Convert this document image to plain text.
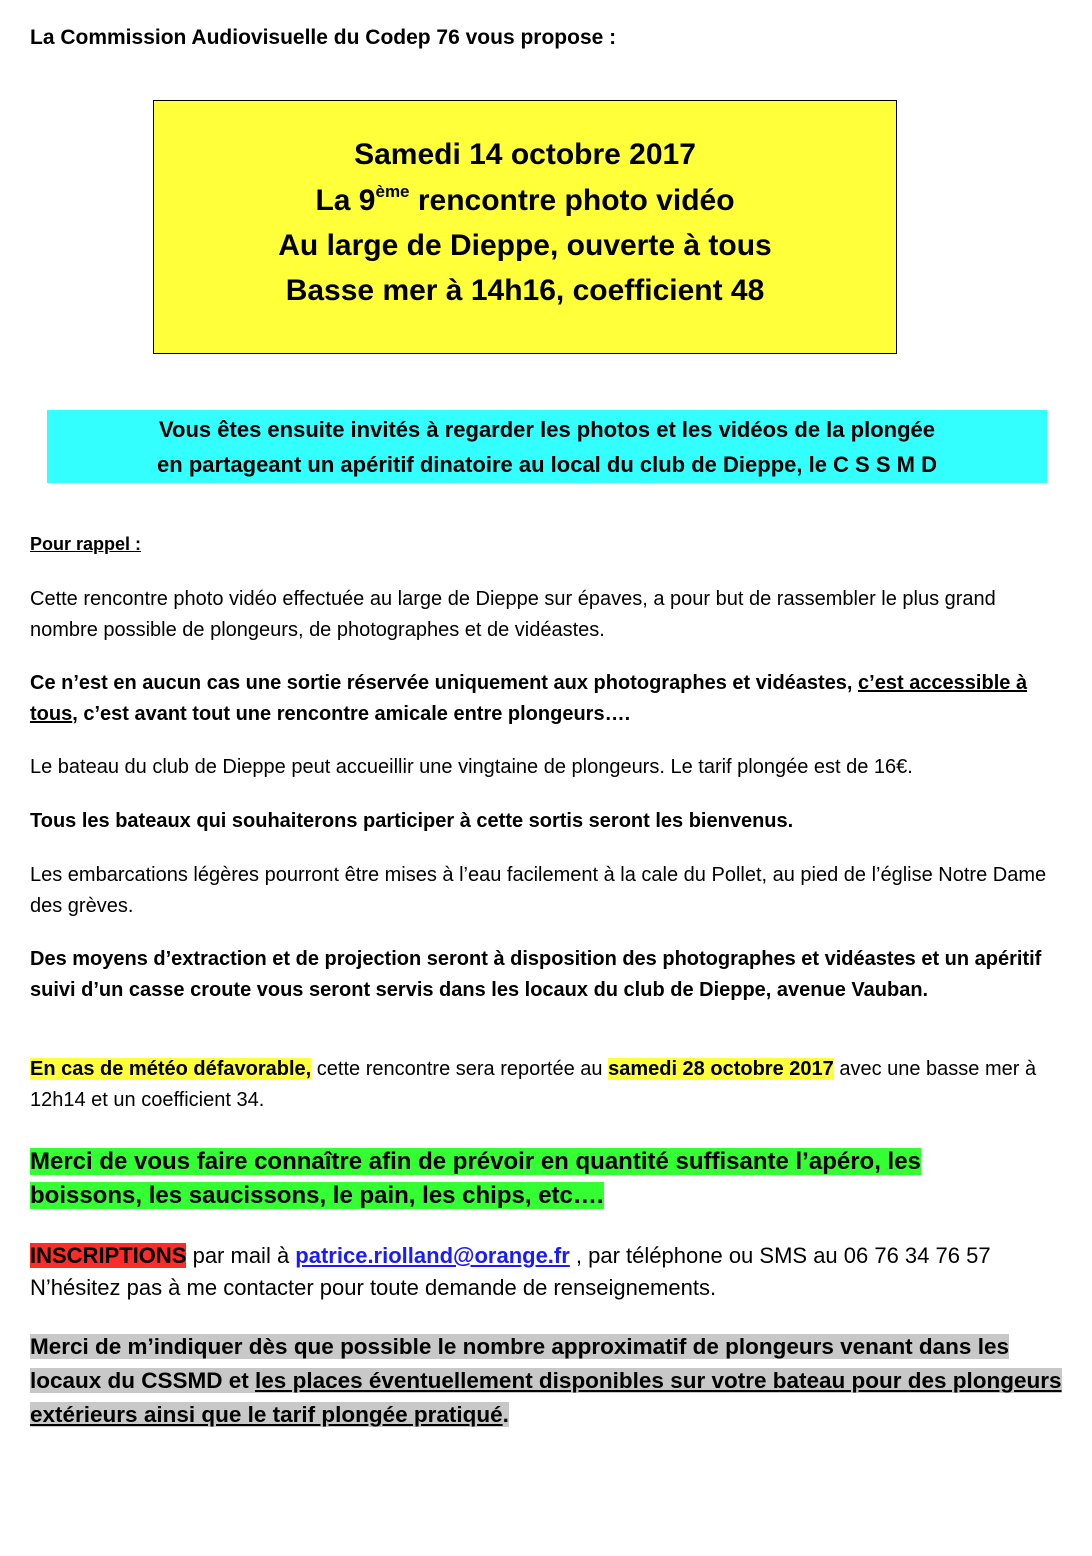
La Commission Audiovisuelle du Codep 76 vous propose :
Samedi 14 octobre 2017
La 9ème rencontre photo vidéo
Au large de Dieppe, ouverte à tous
Basse mer à 14h16, coefficient 48
Vous êtes ensuite invités à regarder les photos et les vidéos de la plongée
en partageant un apéritif dinatoire au local du club de Dieppe, le C S S M D
Pour rappel :
Cette rencontre photo vidéo effectuée au large de Dieppe sur épaves, a pour but de rassembler le plus grand nombre possible de plongeurs, de photographes et de vidéastes.
Ce n’est en aucun cas une sortie réservée uniquement aux photographes et vidéastes, c’est accessible à tous, c’est avant tout une rencontre amicale entre plongeurs….
Le bateau du club de Dieppe peut accueillir une vingtaine de plongeurs. Le tarif plongée est de 16€.
Tous les bateaux qui souhaiterons participer à cette sortis seront les bienvenus.
Les embarcations légères pourront être mises à l’eau facilement à la cale du Pollet, au pied de l’église Notre Dame des grèves.
Des moyens d’extraction et de projection seront à disposition des photographes et vidéastes et un apéritif suivi d’un casse croute vous seront servis dans les locaux du club de Dieppe, avenue Vauban.
En cas de météo défavorable, cette rencontre sera reportée au samedi 28 octobre 2017 avec une basse mer à 12h14 et un coefficient 34.
Merci de vous faire connaître afin de prévoir en quantité suffisante l’apéro, les boissons, les saucissons, le pain, les chips, etc….
INSCRIPTIONS par mail à patrice.riolland@orange.fr , par téléphone ou SMS au 06 76 34 76 57
N’hésitez pas à me contacter pour toute demande de renseignements.
Merci de m’indiquer dès que possible le nombre approximatif de plongeurs venant dans les locaux du CSSMD et les places éventuellement disponibles sur votre bateau pour des plongeurs extérieurs ainsi que le tarif plongée pratiqué.
